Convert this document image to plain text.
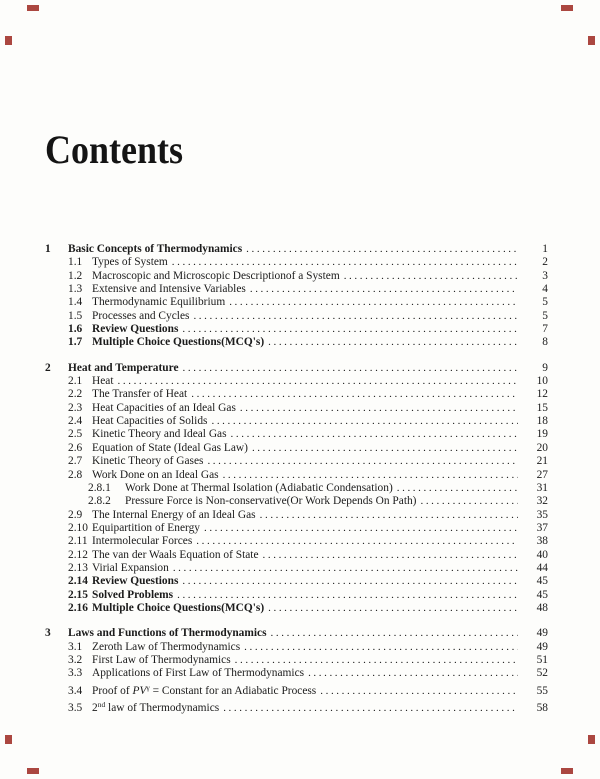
Contents
1	Basic Concepts of Thermodynamics .....	1
1.1 Types of System .....	2
1.2 Macroscopic and Microscopic Descriptionof a System .....	3
1.3 Extensive and Intensive Variables .....	4
1.4 Thermodynamic Equilibrium .....	5
1.5 Processes and Cycles .....	5
1.6 Review Questions .....	7
1.7 Multiple Choice Questions(MCQ's) .....	8
2	Heat and Temperature .....	9
2.1 Heat .....	10
2.2 The Transfer of Heat .....	12
2.3 Heat Capacities of an Ideal Gas .....	15
2.4 Heat Capacities of Solids .....	18
2.5 Kinetic Theory and Ideal Gas .....	19
2.6 Equation of State (Ideal Gas Law) .....	20
2.7 Kinetic Theory of Gases .....	21
2.8 Work Done on an Ideal Gas .....	27
2.8.1	Work Done at Thermal Isolation (Adiabatic Condensation) .....	31
2.8.2	Pressure Force is Non-conservative(Or Work Depends On Path) .....	32
2.9 The Internal Energy of an Ideal Gas .....	35
2.10 Equipartition of Energy .....	37
2.11 Intermolecular Forces .....	38
2.12 The van der Waals Equation of State .....	40
2.13 Virial Expansion .....	44
2.14 Review Questions .....	45
2.15 Solved Problems .....	45
2.16 Multiple Choice Questions(MCQ's) .....	48
3	Laws and Functions of Thermodynamics .....	49
3.1 Zeroth Law of Thermodynamics .....	49
3.2 First Law of Thermodynamics .....	51
3.3 Applications of First Law of Thermodynamics .....	52
3.4 Proof of $PV^\gamma$ = Constant for an Adiabatic Process .....	55
3.5 2nd law of Thermodynamics .....	58
